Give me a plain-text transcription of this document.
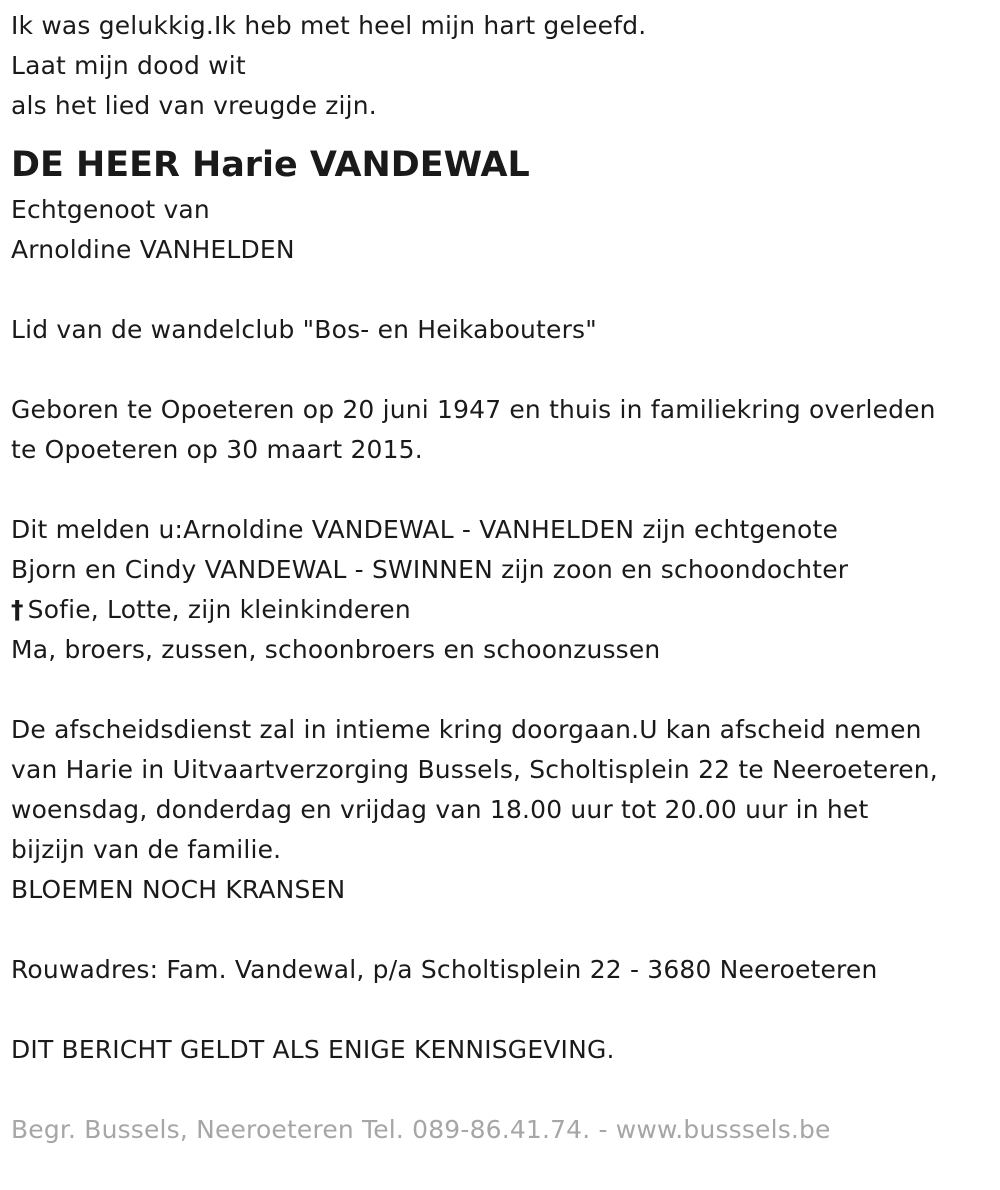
Ik was gelukkig.Ik heb met heel mijn hart geleefd.
Laat mijn dood wit
als het lied van vreugde zijn.
DE HEER Harie VANDEWAL
Echtgenoot van
Arnoldine VANHELDEN
Lid van de wandelclub "Bos- en Heikabouters"
Geboren te Opoeteren op 20 juni 1947 en thuis in familiekring overleden
te Opoeteren op 30 maart 2015.
Dit melden u:Arnoldine VANDEWAL - VANHELDEN zijn echtgenote
Bjorn en Cindy VANDEWAL - SWINNEN zijn zoon en schoondochter
† Sofie, Lotte, zijn kleinkinderen
Ma, broers, zussen, schoonbroers en schoonzussen
De afscheidsdienst zal in intieme kring doorgaan.U kan afscheid nemen
van Harie in Uitvaartverzorging Bussels, Scholtisplein 22 te Neeroeteren,
woensdag, donderdag en vrijdag van 18.00 uur tot 20.00 uur in het
bijzijn van de familie.
BLOEMEN NOCH KRANSEN
Rouwadres: Fam. Vandewal, p/a Scholtisplein 22 - 3680 Neeroeteren
DIT BERICHT GELDT ALS ENIGE KENNISGEVING.
Begr. Bussels, Neeroeteren Tel. 089-86.41.74. - www.busssels.be
